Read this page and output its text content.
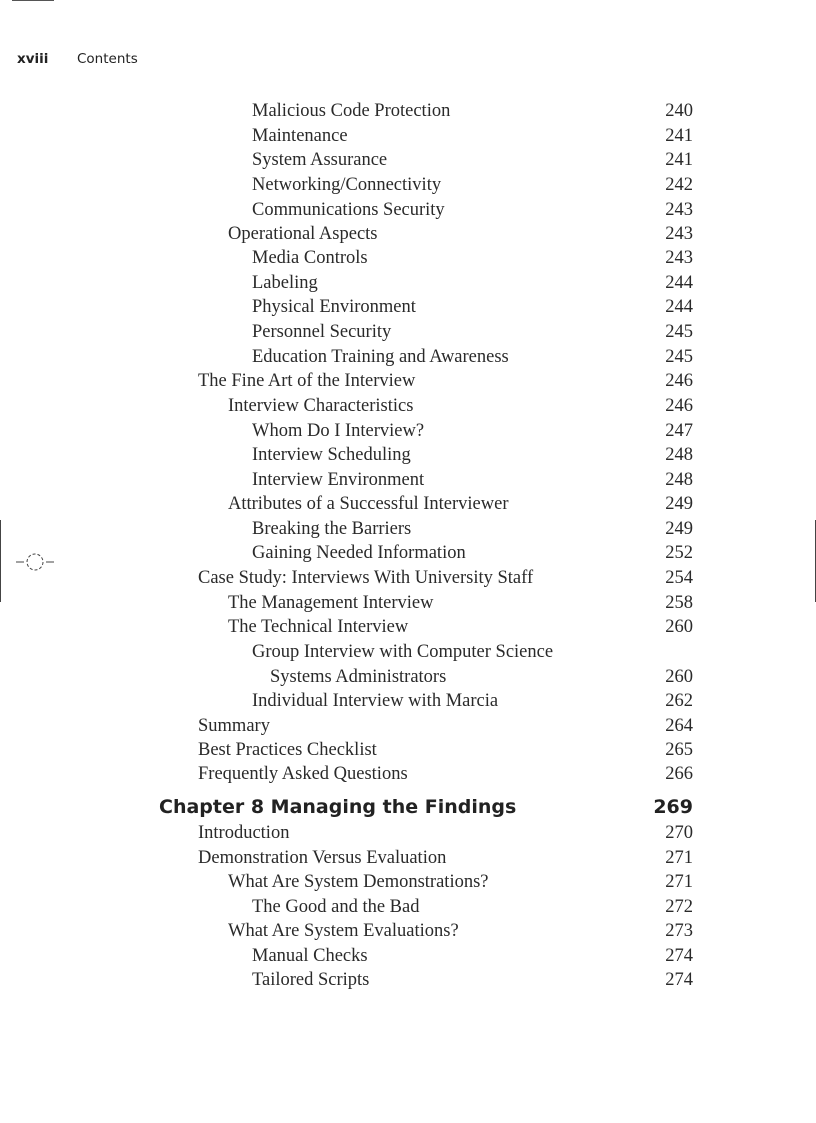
xviii Contents
Malicious Code Protection	240
Maintenance	241
System Assurance	241
Networking/Connectivity	242
Communications Security	243
Operational Aspects	243
Media Controls	243
Labeling	244
Physical Environment	244
Personnel Security	245
Education Training and Awareness	245
The Fine Art of the Interview	246
Interview Characteristics	246
Whom Do I Interview?	247
Interview Scheduling	248
Interview Environment	248
Attributes of a Successful Interviewer	249
Breaking the Barriers	249
Gaining Needed Information	252
Case Study: Interviews With University Staff	254
The Management Interview	258
The Technical Interview	260
Group Interview with Computer Science
Systems Administrators	260
Individual Interview with Marcia	262
Summary	264
Best Practices Checklist	265
Frequently Asked Questions	266
Chapter 8 Managing the Findings	269
Introduction	270
Demonstration Versus Evaluation	271
What Are System Demonstrations?	271
The Good and the Bad	272
What Are System Evaluations?	273
Manual Checks	274
Tailored Scripts	274
